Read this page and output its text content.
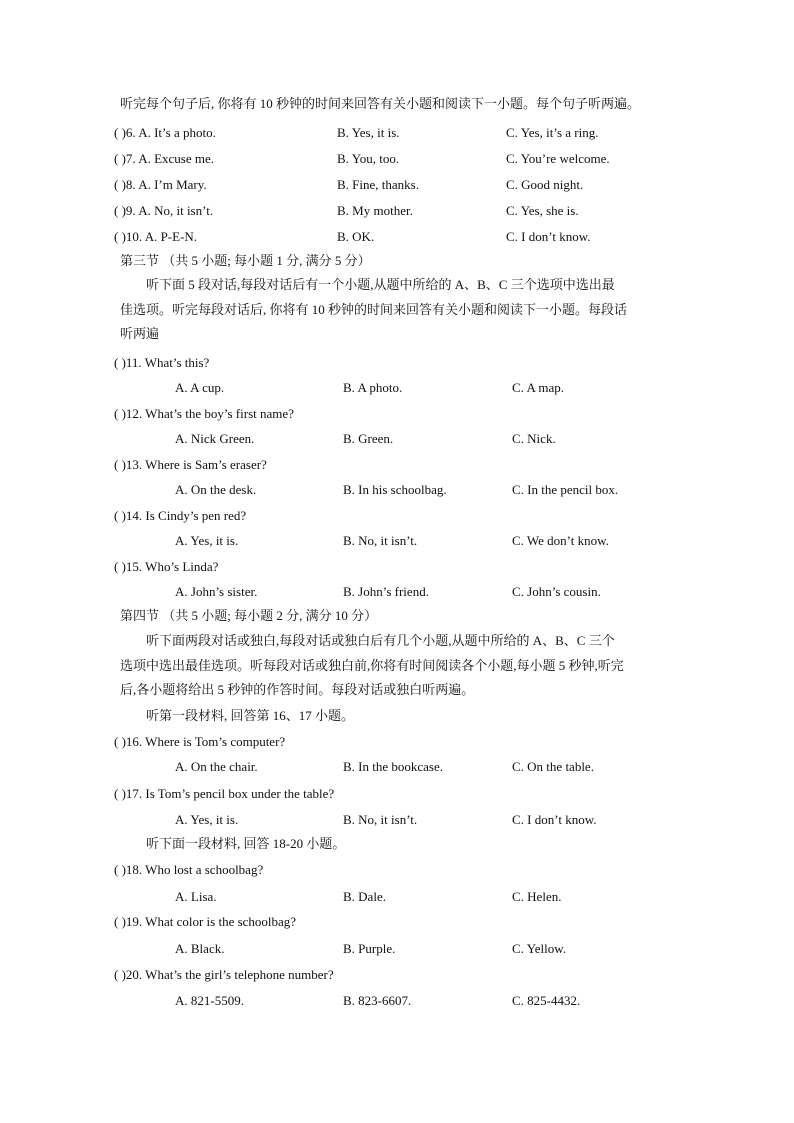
听完每个句子后, 你将有 10 秒钟的时间来回答有关小题和阅读下一小题。每个句子听两遍。
( )6. A. It’s a photo.	B. Yes, it is.	C. Yes, it’s a ring.
( )7. A. Excuse me.	B. You, too.	C. You’re welcome.
( )8. A. I’m Mary.	B. Fine, thanks.	C. Good night.
( )9. A. No, it isn’t.	B. My mother.	C. Yes, she is.
( )10. A. P-E-N.	B. OK.	C. I don’t know.
第三节 （共 5 小题; 每小题 1 分, 满分 5 分）
听下面 5 段对话,每段对话后有一个小题,从题中所给的 A、B、C 三个选项中选出最
佳选项。听完每段对话后, 你将有 10 秒钟的时间来回答有关小题和阅读下一小题。每段话
听两遍
( )11. What’s this?
A. A cup.	B. A photo.	C. A map.
( )12. What’s the boy’s first name?
A. Nick Green.	B. Green.	C. Nick.
( )13. Where is Sam’s eraser?
A. On the desk.	B. In his schoolbag.	C. In the pencil box.
( )14. Is Cindy’s pen red?
A. Yes, it is.	B. No, it isn’t.	C. We don’t know.
( )15. Who’s Linda?
A. John’s sister.	B. John’s friend.	C. John’s cousin.
第四节 （共 5 小题; 每小题 2 分, 满分 10 分）
听下面两段对话或独白,每段对话或独白后有几个小题,从题中所给的 A、B、C 三个
选项中选出最佳选项。听每段对话或独白前,你将有时间阅读各个小题,每小题 5 秒钟,听完
后,各小题将给出 5 秒钟的作答时间。每段对话或独白听两遍。
听第一段材料, 回答第 16、17 小题。
( )16. Where is Tom’s computer?
A. On the chair.	B. In the bookcase.	C. On the table.
( )17. Is Tom’s pencil box under the table?
A. Yes, it is.	B. No, it isn’t.	C. I don’t know.
听下面一段材料, 回答 18-20 小题。
( )18. Who lost a schoolbag?
A. Lisa.	B. Dale.	C. Helen.
( )19. What color is the schoolbag?
A. Black.	B. Purple.	C. Yellow.
( )20. What’s the girl’s telephone number?
A. 821-5509.	B. 823-6607.	C. 825-4432.
